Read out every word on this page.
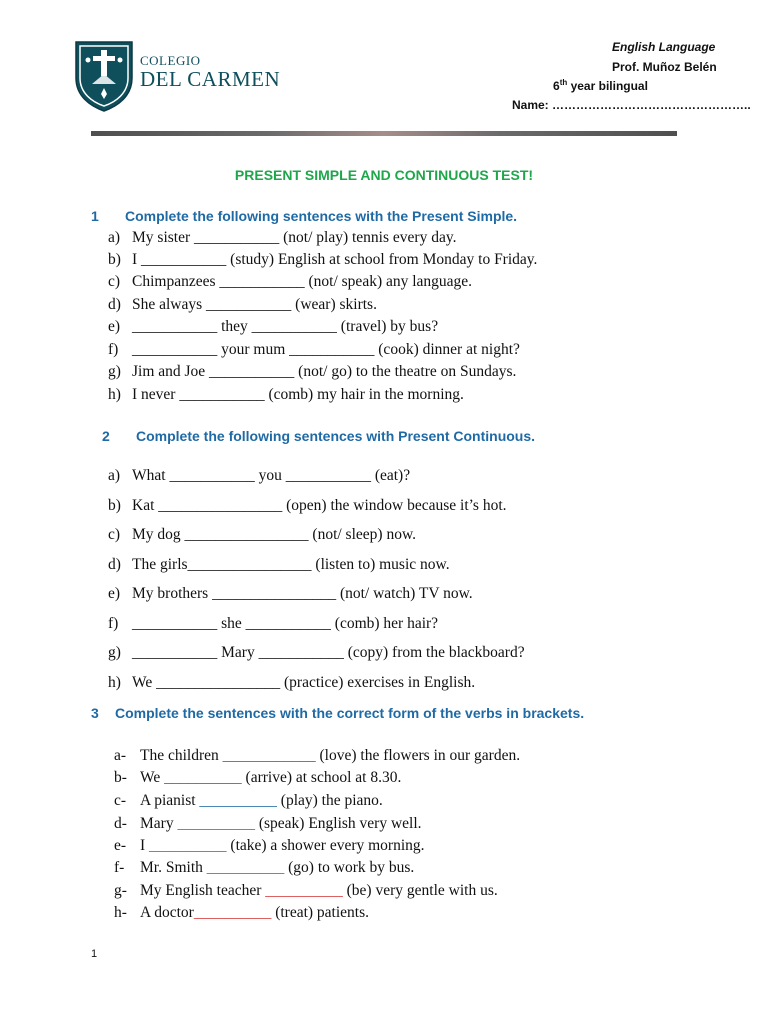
COLEGIO
DEL CARMEN
English Language
Prof. Muñoz Belén
6th year bilingual
Name: …………………………………………..
PRESENT SIMPLE AND CONTINUOUS TEST!
1 Complete the following sentences with the Present Simple.
a) My sister ___________ (not/ play) tennis every day.
b) I ___________ (study) English at school from Monday to Friday.
c) Chimpanzees ___________ (not/ speak) any language.
d) She always ___________ (wear) skirts.
e) ___________ they ___________ (travel) by bus?
f) ___________ your mum ___________ (cook) dinner at night?
g) Jim and Joe ___________ (not/ go) to the theatre on Sundays.
h) I never ___________ (comb) my hair in the morning.
2 Complete the following sentences with Present Continuous.
a) What ___________ you ___________ (eat)?
b) Kat ________________ (open) the window because it’s hot.
c) My dog ________________ (not/ sleep) now.
d) The girls________________ (listen to) music now.
e) My brothers ________________ (not/ watch) TV now.
f) ___________ she ___________ (comb) her hair?
g) ___________ Mary ___________ (copy) from the blackboard?
h) We ________________ (practice) exercises in English.
3 Complete the sentences with the correct form of the verbs in brackets.
a- The children ____________ (love) the flowers in our garden.
b- We __________ (arrive) at school at 8.30.
c- A pianist __________ (play) the piano.
d- Mary __________ (speak) English very well.
e- I __________ (take) a shower every morning.
f- Mr. Smith __________ (go) to work by bus.
g- My English teacher __________ (be) very gentle with us.
h- A doctor__________ (treat) patients.
1
